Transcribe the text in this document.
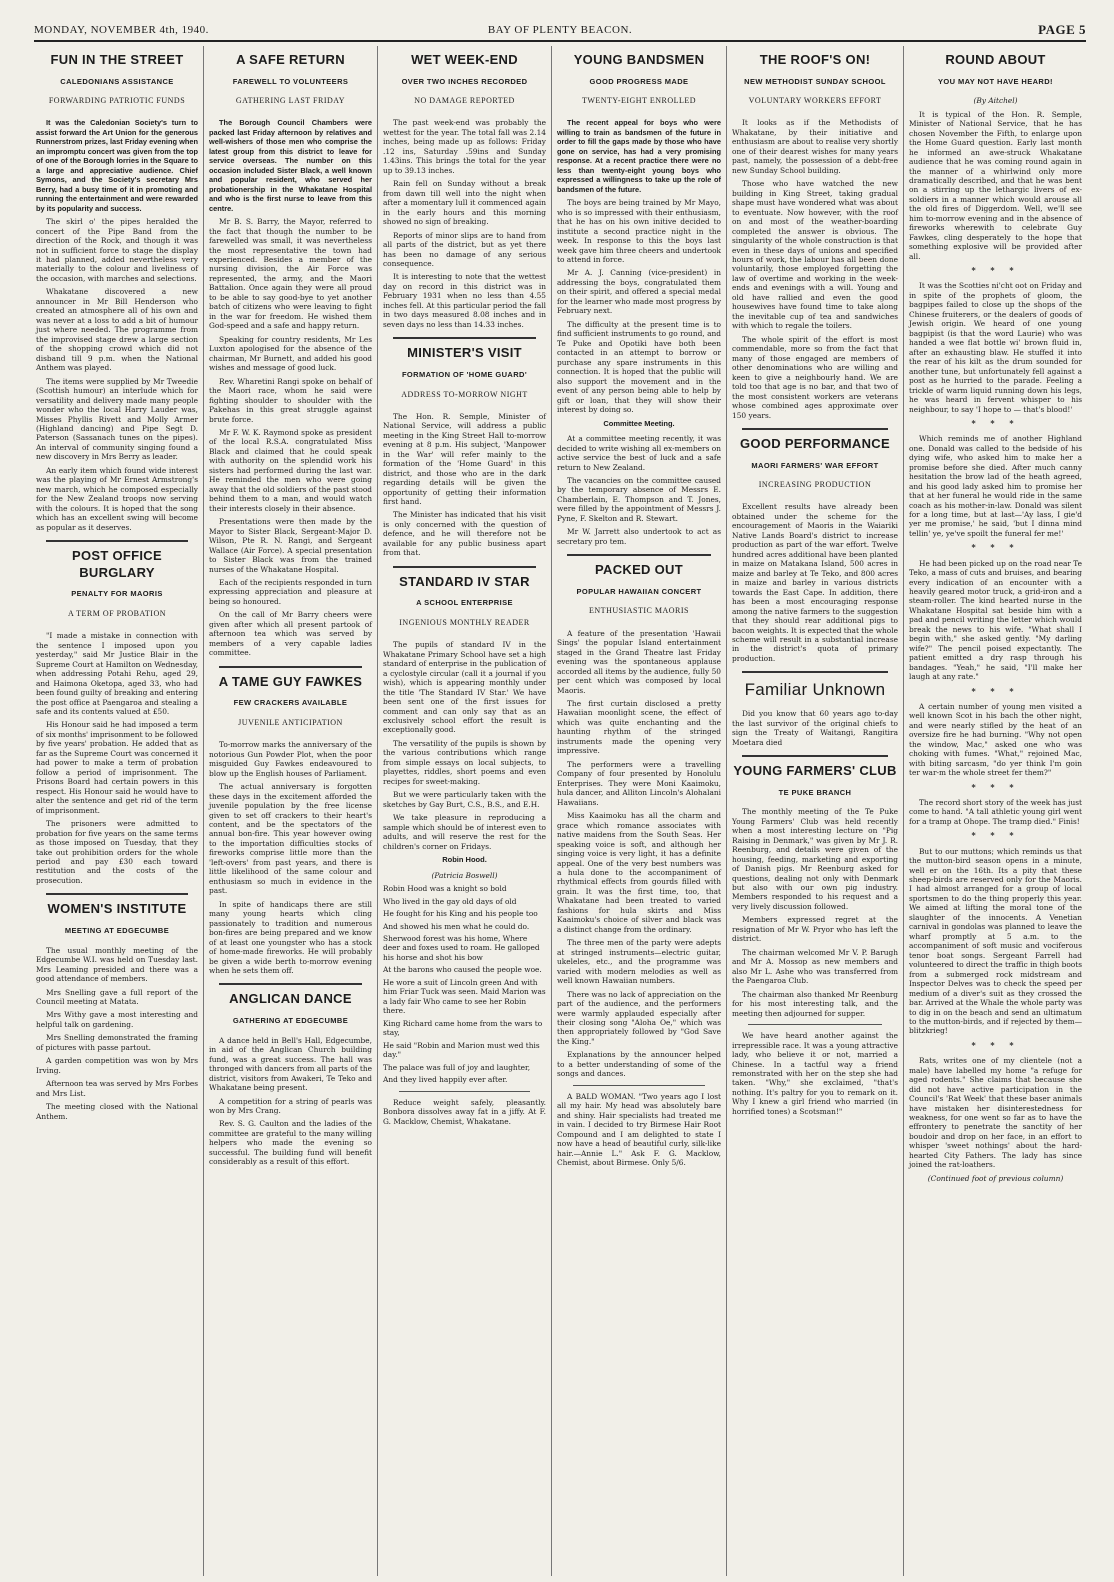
MONDAY, NOVEMBER 4th, 1940.	BAY OF PLENTY BEACON.	PAGE 5
FUN IN THE STREET
CALEDONIANS ASSISTANCE
FORWARDING PATRIOTIC FUNDS

It was the Caledonian Society's turn to assist forward the Art Union for the generous Runnerstrom prizes, last Friday evening when an impromptu concert was given from the top of one of the Borough lorries in the Square to a large and appreciative audience. Chief Symons, and the Society's secretary Mrs Berry, had a busy time of it in promoting and running the entertainment and were rewarded by its popularity and success.

The skirl o' the pipes heralded the concert of the Pipe Band from the direction of the Rock, and though it was not in sufficient force to stage the display it had planned, added nevertheless very materially to the colour and liveliness of the occasion, with marches and selections.

Whakatane discovered a new announcer in Mr Bill Henderson who created an atmosphere all of his own and was never at a loss to add a bit of humour just where needed. The programme from the improvised stage drew a large section of the shopping crowd which did not disband till 9 p.m. when the National Anthem was played.

The items were supplied by Mr Tweedie (Scottish humour) an interlude which for versatility and delivery made many people wonder who the local Harry Lauder was, Misses Phyllis Rivett and Molly Armer (Highland dancing) and Pipe Segt D. Paterson (Sassanach tunes on the pipes). An interval of community singing found a new discovery in Mrs Berry as leader.

An early item which found wide interest was the playing of Mr Ernest Armstrong's new march, which he composed especially for the New Zealand troops now serving with the colours. It is hoped that the song which has an excellent swing will become as popular as it deserves.

POST OFFICE BURGLARY
PENALTY FOR MAORIS
A TERM OF PROBATION

"I made a mistake in connection with the sentence I imposed upon you yesterday," said Mr Justice Blair in the Supreme Court at Hamilton on Wednesday, when addressing Potahi Rehu, aged 29, and Haimona Oketopa, aged 33, who had been found guilty of breaking and entering the post office at Paengaroa and stealing a safe and its contents valued at £50.

His Honour said he had imposed a term of six months' imprisonment to be followed by five years' probation. He added that as far as the Supreme Court was concerned it had power to make a term of probation follow a period of imprisonment. The Prisons Board had certain powers in this respect. His Honour said he would have to alter the sentence and get rid of the term of imprisonment.

The prisoners were admitted to probation for five years on the same terms as those imposed on Tuesday, that they take out prohibition orders for the whole period and pay £30 each toward restitution and the costs of the prosecution.

WOMEN'S INSTITUTE
MEETING AT EDGECUMBE

The usual monthly meeting of the Edgecumbe W.I. was held on Tuesday last. Mrs Leaming presided and there was a good attendance of members.

Mrs Snelling gave a full report of the Council meeting at Matata.

Mrs Withy gave a most interesting and helpful talk on gardening.

Mrs Snelling demonstrated the framing of pictures with passe partout.

A garden competition was won by Mrs Irving.

Afternoon tea was served by Mrs Forbes and Mrs List.

The meeting closed with the National Anthem.

A SAFE RETURN
FAREWELL TO VOLUNTEERS
GATHERING LAST FRIDAY

The Borough Council Chambers were packed last Friday afternoon by relatives and well-wishers of those men who comprise the latest group from this district to leave for service overseas. The number on this occasion included Sister Black, a well known and popular resident, who served her probationership in the Whakatane Hospital and who is the first nurse to leave from this centre.

Mr B. S. Barry, the Mayor, referred to the fact that though the number to be farewelled was small, it was nevertheless the most representative the town had experienced. Besides a member of the nursing division, the Air Force was represented, the army, and the Maori Battalion. Once again they were all proud to be able to say good-bye to yet another batch of citizens who were leaving to fight in the war for freedom. He wished them God-speed and a safe and happy return.

Speaking for country residents, Mr Les Luxton apologised for the absence of the chairman, Mr Burnett, and added his good wishes and message of good luck.

Rev. Wharetini Rangi spoke on behalf of the Maori race, whom he said were fighting shoulder to shoulder with the Pakehas in this great struggle against brute force.

Mr F. W. K. Raymond spoke as president of the local R.S.A. congratulated Miss Black and claimed that he could speak with authority on the splendid work his sisters had performed during the last war. He reminded the men who were going away that the old soldiers of the past stood behind them to a man, and would watch their interests closely in their absence.

Presentations were then made by the Mayor to Sister Black, Sergeant-Major D. Wilson, Pte R. N. Rangi, and Sergeant Wallace (Air Force). A special presentation to Sister Black was from the trained nurses of the Whakatane Hospital.

Each of the recipients responded in turn expressing appreciation and pleasure at being so honoured.

On the call of Mr Barry cheers were given after which all present partook of afternoon tea which was served by members of a very capable ladies committee.

A TAME GUY FAWKES
FEW CRACKERS AVAILABLE
JUVENILE ANTICIPATION

To-morrow marks the anniversary of the notorious Gun Powder Plot, when the poor misguided Guy Fawkes endeavoured to blow up the English houses of Parliament.

The actual anniversary is forgotten these days in the excitement afforded the juvenile population by the free license given to set off crackers to their heart's content, and be the spectators of the annual bon-fire. This year however owing to the importation difficulties stocks of fireworks comprise little more than the 'left-overs' from past years, and there is little likelihood of the same colour and enthusiasm so much in evidence in the past.

In spite of handicaps there are still many young hearts which cling passionately to tradition and numerous bon-fires are being prepared and we know of at least one youngster who has a stock of home-made fireworks. He will probably be given a wide berth to-morrow evening when he sets them off.

ANGLICAN DANCE
GATHERING AT EDGECUMBE

A dance held in Bell's Hall, Edgecumbe, in aid of the Anglican Church building fund, was a great success. The hall was thronged with dancers from all parts of the district, visitors from Awakeri, Te Teko and Whakatane being present.

A competition for a string of pearls was won by Mrs Crang.

Rev. S. G. Caulton and the ladies of the committee are grateful to the many willing helpers who made the evening so successful. The building fund will benefit considerably as a result of this effort.

WET WEEK-END
OVER TWO INCHES RECORDED
NO DAMAGE REPORTED

The past week-end was probably the wettest for the year. The total fall was 2.14 inches, being made up as follows: Friday .12 ins, Saturday .59ins and Sunday 1.43ins. This brings the total for the year up to 39.13 inches.

Rain fell on Sunday without a break from dawn till well into the night when after a momentary lull it commenced again in the early hours and this morning showed no sign of breaking.

Reports of minor slips are to hand from all parts of the district, but as yet there has been no damage of any serious consequence.

It is interesting to note that the wettest day on record in this district was in February 1931 when no less than 4.55 inches fell. At this particular period the fall in two days measured 8.08 inches and in seven days no less than 14.33 inches.

MINISTER'S VISIT
FORMATION OF 'HOME GUARD'
ADDRESS TO-MORROW NIGHT

The Hon. R. Semple, Minister of National Service, will address a public meeting in the King Street Hall to-morrow evening at 8 p.m. His subject, 'Manpower in the War' will refer mainly to the formation of the 'Home Guard' in this district, and those who are in the dark regarding details will be given the opportunity of getting their information first hand.

The Minister has indicated that his visit is only concerned with the question of defence, and he will therefore not be available for any public business apart from that.

STANDARD IV STAR
A SCHOOL ENTERPRISE
INGENIOUS MONTHLY READER

The pupils of standard IV in the Whakatane Primary School have set a high standard of enterprise in the publication of a cyclostyle circular (call it a journal if you wish), which is appearing monthly under the title 'The Standard IV Star.' We have been sent one of the first issues for comment and can only say that as an exclusively school effort the result is exceptionally good.

The versatility of the pupils is shown by the various contributions which range from simple essays on local subjects, to playettes, riddles, short poems and even recipes for sweet-making.

But we were particularly taken with the sketches by Gay Burt, C.S., B.S., and E.H.

We take pleasure in reproducing a sample which should be of interest even to adults, and will reserve the rest for the children's corner on Fridays.

Robin Hood.
(Patricia Boswell)

Robin Hood was a knight so bold

Who lived in the gay old days of old

He fought for his King and his people too

And showed his men what he could do.

Sherwood forest was his home, Where deer and foxes used to roam. He galloped his horse and shot his bow

At the barons who caused the people woe.

He wore a suit of Lincoln green And with him Friar Tuck was seen. Maid Marion was a lady fair Who came to see her Robin there.

King Richard came home from the wars to stay,

He said "Robin and Marion must wed this day."

The palace was full of joy and laughter,

And they lived happily ever after.

Reduce weight safely, pleasantly. Bonbora dissolves away fat in a jiffy. At F. G. Macklow, Chemist, Whakatane.

YOUNG BANDSMEN
GOOD PROGRESS MADE
TWENTY-EIGHT ENROLLED

The recent appeal for boys who were willing to train as bandsmen of the future in order to fill the gaps made by those who have gone on service, has had a very promising response. At a recent practice there were no less than twenty-eight young boys who expressed a willingness to take up the role of bandsmen of the future.

The boys are being trained by Mr Mayo, who is so impressed with their enthusiasm, that he has on his own initive decided to institute a second practice night in the week. In response to this the boys last week gave him three cheers and undertook to attend in force.

Mr A. J. Canning (vice-president) in addressing the boys, congratulated them on their spirit, and offered a special medal for the learner who made most progress by February next.

The difficulty at the present time is to find sufficient instruments to go round, and Te Puke and Opotiki have both been contacted in an attempt to borrow or purchase any spare instruments in this connection. It is hoped that the public will also support the movement and in the event of any person being able to help by gift or loan, that they will show their interest by doing so.

Committee Meeting.

At a committee meeting recently, it was decided to write wishing all ex-members on active service the best of luck and a safe return to New Zealand.

The vacancies on the committee caused by the temporary absence of Messrs E. Chamberlain, E. Thompson and T. Jones, were filled by the appointment of Messrs J. Pyne, F. Skelton and R. Stewart.

Mr W. Jarrett also undertook to act as secretary pro tem.

PACKED OUT
POPULAR HAWAIIAN CONCERT
ENTHUSIASTIC MAORIS

A feature of the presentation 'Hawaii Sings' the popular Island entertainment staged in the Grand Theatre last Friday evening was the spontaneous applause accorded all items by the audience, fully 50 per cent which was composed by local Maoris.

The first curtain disclosed a pretty Hawaiian moonlight scene, the effect of which was quite enchanting and the haunting rhythm of the stringed instruments made the opening very impressive.

The performers were a travelling Company of four presented by Honolulu Enterprises. They were Moni Kaaimoku, hula dancer, and Alliton Lincoln's Alohalani Hawaiians.

Miss Kaaimoku has all the charm and grace which romance associates with native maidens from the South Seas. Her speaking voice is soft, and although her singing voice is very light, it has a definite appeal. One of the very best numbers was a hula done to the accompaniment of rhythmical effects from gourds filled with grain. It was the first time, too, that Whakatane had been treated to varied fashions for hula skirts and Miss Kaaimoku's choice of silver and black was a distinct change from the ordinary.

The three men of the party were adepts at stringed instruments—electric guitar, ukeleles, etc., and the programme was varied with modern melodies as well as well known Hawaiian numbers.

There was no lack of appreciation on the part of the audience, and the performers were warmly applauded especially after their closing song "Aloha Oe," which was then appropriately followed by "God Save the King."

Explanations by the announcer helped to a better understanding of some of the songs and dances.

A BALD WOMAN. "Two years ago I lost all my hair. My head was absolutely bare and shiny. Hair specialists had treated me in vain. I decided to try Birmese Hair Root Compound and I am delighted to state I now have a head of beautiful curly, silk-like hair.—Annie L." Ask F. G. Macklow, Chemist, about Birmese. Only 5/6.

THE ROOF'S ON!
NEW METHODIST SUNDAY SCHOOL
VOLUNTARY WORKERS EFFORT

It looks as if the Methodists of Whakatane, by their initiative and enthusiasm are about to realise very shortly one of their dearest wishes for many years past, namely, the possession of a debt-free new Sunday School building.

Those who have watched the new building in King Street, taking gradual shape must have wondered what was about to eventuate. Now however, with the roof on and most of the weather-boarding completed the answer is obvious. The singularity of the whole construction is that even in these days of unions and specified hours of work, the labour has all been done voluntarily, those employed forgetting the law of overtime and working in the week-ends and evenings with a will. Young and old have rallied and even the good housewives have found time to take along the inevitable cup of tea and sandwiches with which to regale the toilers.

The whole spirit of the effort is most commendable, more so from the fact that many of those engaged are members of other denominations who are willing and keen to give a neighbourly hand. We are told too that age is no bar, and that two of the most consistent workers are veterans whose combined ages approximate over 150 years.

GOOD PERFORMANCE
MAORI FARMERS' WAR EFFORT
INCREASING PRODUCTION

Excellent results have already been obtained under the scheme for the encouragement of Maoris in the Waiariki Native Lands Board's district to increase production as part of the war effort. Twelve hundred acres additional have been planted in maize on Matakana Island, 500 acres in maize and barley at Te Teko, and 800 acres in maize and barley in various districts towards the East Cape. In addition, there has been a most encouraging response among the native farmers to the suggestion that they should rear additional pigs to bacon weights. It is expected that the whole scheme will result in a substantial increase in the district's quota of primary production.

Familiar Unknown

Did you know that 60 years ago to-day the last survivor of the original chiefs to sign the Treaty of Waitangi, Rangitira Moetara died

YOUNG FARMERS' CLUB
TE PUKE BRANCH

The monthly meeting of the Te Puke Young Farmers' Club was held recently when a most interesting lecture on "Pig Raising in Denmark," was given by Mr J. R. Reenburg, and details were given of the housing, feeding, marketing and exporting of Danish pigs. Mr Reenburg asked for questions, dealing not only with Denmark but also with our own pig industry. Members responded to his request and a very lively discussion followed.

Members expressed regret at the resignation of Mr W. Pryor who has left the district.

The chairman welcomed Mr V. P. Barugh and Mr A. Mossop as new members and also Mr L. Ashe who was transferred from the Paengaroa Club.

The chairman also thanked Mr Reenburg for his most interesting talk, and the meeting then adjourned for supper.

We have heard another against the irrepressible race. It was a young attractive lady, who believe it or not, married a Chinese. In a tactful way a friend remonstrated with her on the step she had taken. "Why," she exclaimed, "that's nothing. It's paltry for you to remark on it. Why I knew a girl friend who married (in horrified tones) a Scotsman!"

ROUND ABOUT
YOU MAY NOT HAVE HEARD!
(By Aitchel)

It is typical of the Hon. R. Semple, Minister of National Service, that he has chosen November the Fifth, to enlarge upon the Home Guard question. Early last month he informed an awe-struck Whakatane audience that he was coming round again in the manner of a whirlwind only more dramatically described, and that he was bent on a stirring up the lethargic livers of ex-soldiers in a manner which would arouse all the old fires of Diggerdom. Well, we'll see him to-morrow evening and in the absence of fireworks wherewith to celebrate Guy Fawkes, cling desperately to the hope that something explosive will be provided after all.

* * *

It was the Scotties ni'cht oot on Friday and in spite of the prophets of gloom, the bagpipes failed to close up the shops of the Chinese fruiterers, or the dealers of goods of Jewish origin. We heard of one young bagpipist (is that the word Laurie) who was handed a wee flat bottle wi' brown fluid in, after an exhausting blaw. He stuffed it into the rear of his kilt as the drum sounded for another tune, but unfortunately fell against a post as he hurried to the parade. Feeling a trickle of warm liquid running down his legs, he was heard in fervent whisper to his neighbour, to say 'I hope to — that's blood!'

* * *

Which reminds me of another Highland one. Donald was called to the bedside of his dying wife, who asked him to make her a promise before she died. After much canny hesitation the brow lad of the heath agreed, and his good lady asked him to promise her that at her funeral he would ride in the same coach as his mother-in-law. Donald was silent for a long time, but at last—'Ay lass, I gie'd yer me promise,' he said, 'but I dinna mind tellin' ye, ye've spoilt the funeral fer me!'

* * *

He had been picked up on the road near Te Teko, a mass of cuts and bruises, and bearing every indication of an encounter with a heavily geared motor truck, a grid-iron and a steam-roller. The kind hearted nurse in the Whakatane Hospital sat beside him with a pad and pencil writing the letter which would break the news to his wife. "What shall I begin with," she asked gently. "My darling wife?" The pencil poised expectantly. The patient emitted a dry rasp through his bandages. "Yeah," he said, "I'll make her laugh at any rate."

* * *

A certain number of young men visited a well known Scot in his bach the other night, and were nearly stifled by the heat of an oversize fire he had burning. "Why not open the window, Mac," asked one who was choking with fumes. "What," rejoined Mac, with biting sarcasm, "do yer think I'm goin ter war-m the whole street fer them?"

* * *

The record short story of the week has just come to hand. "A tall athletic young girl went for a tramp at Ohope. The tramp died." Finis!

* * *

But to our muttons; which reminds us that the mutton-bird season opens in a minute, well er on the 16th. Its a pity that these sheep-birds are reserved only for the Maoris. I had almost arranged for a group of local sportsmen to do the thing properly this year. We aimed at lifting the moral tone of the slaughter of the innocents. A Venetian carnival in gondolas was planned to leave the wharf promptly at 5 a.m. to the accompaniment of soft music and vociferous tenor boat songs. Sergeant Farrell had volunteered to direct the traffic in thigh boots from a submerged rock midstream and Inspector Delves was to check the speed per medium of a diver's suit as they crossed the bar. Arrived at the Whale the whole party was to dig in on the beach and send an ultimatum to the mutton-birds, and if rejected by them—blitzkrieg!

* * *

Rats, writes one of my clientele (not a male) have labelled my home "a refuge for aged rodents." She claims that because she did not have active participation in the Council's 'Rat Week' that these baser animals have mistaken her disinterestedness for weakness, for one went so far as to have the effrontery to penetrate the sanctity of her boudoir and drop on her face, in an effort to whisper 'sweet nothings' about the hard-hearted City Fathers. The lady has since joined the rat-loathers.

(Continued foot of previous column)
